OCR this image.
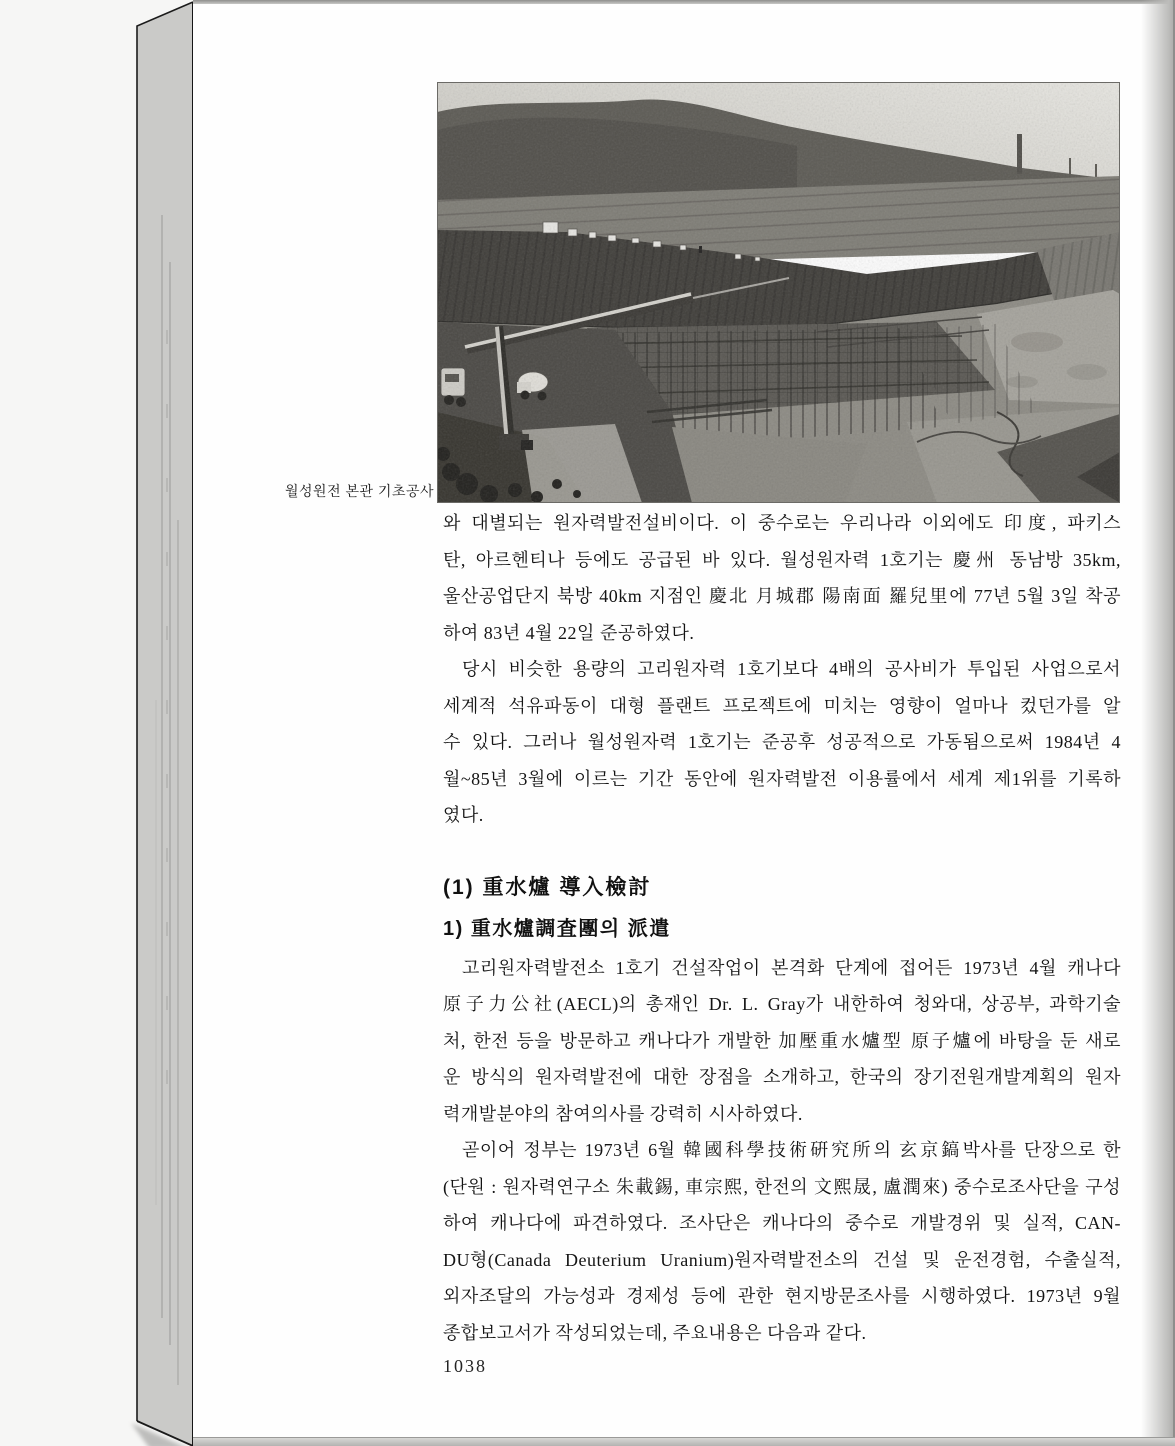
월성원전 본관 기초공사
와 대별되는 원자력발전설비이다. 이 중수로는 우리나라 이외에도 印度, 파키스
탄, 아르헨티나 등에도 공급된 바 있다. 월성원자력 1호기는 慶州 동남방 35km,
울산공업단지 북방 40km 지점인 慶北 月城郡 陽南面 羅兒里에 77년 5월 3일 착공
하여 83년 4월 22일 준공하였다.
당시 비슷한 용량의 고리원자력 1호기보다 4배의 공사비가 투입된 사업으로서
세계적 석유파동이 대형 플랜트 프로젝트에 미치는 영향이 얼마나 컸던가를 알
수 있다. 그러나 월성원자력 1호기는 준공후 성공적으로 가동됨으로써 1984년 4
월~85년 3월에 이르는 기간 동안에 원자력발전 이용률에서 세계 제1위를 기록하
였다.
(1) 重水爐 導入檢討
1) 重水爐調査團의 派遣
고리원자력발전소 1호기 건설작업이 본격화 단계에 접어든 1973년 4월 캐나다
原子力公社(AECL)의 총재인 Dr. L. Gray가 내한하여 청와대, 상공부, 과학기술
처, 한전 등을 방문하고 캐나다가 개발한 加壓重水爐型 原子爐에 바탕을 둔 새로
운 방식의 원자력발전에 대한 장점을 소개하고, 한국의 장기전원개발계획의 원자
력개발분야의 참여의사를 강력히 시사하였다.
곧이어 정부는 1973년 6월 韓國科學技術硏究所의 玄京鎬박사를 단장으로 한
(단원 : 원자력연구소 朱載錫, 車宗熙, 한전의 文熙晟, 盧潤來) 중수로조사단을 구성
하여 캐나다에 파견하였다. 조사단은 캐나다의 중수로 개발경위 및 실적, CAN-
DU형(Canada Deuterium Uranium)원자력발전소의 건설 및 운전경험, 수출실적,
외자조달의 가능성과 경제성 등에 관한 현지방문조사를 시행하였다. 1973년 9월
종합보고서가 작성되었는데, 주요내용은 다음과 같다.
1038
